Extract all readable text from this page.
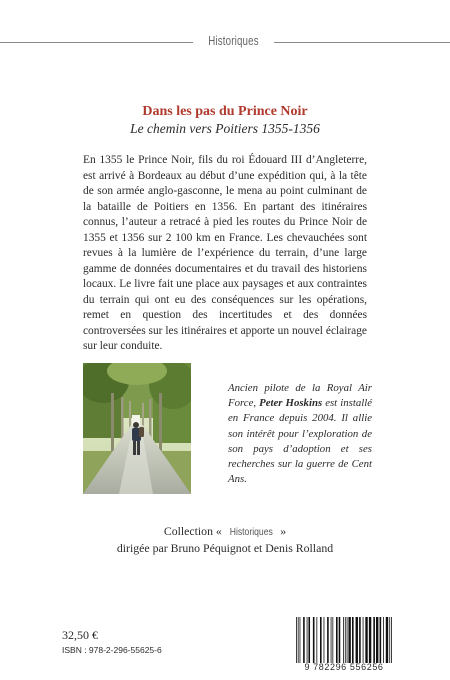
Historiques
Dans les pas du Prince Noir
Le chemin vers Poitiers 1355-1356

En 1355 le Prince Noir, fils du roi Édouard III d’Angleterre, est arrivé à Bordeaux au début d’une expédition qui, à la tête de son armée anglo-gasconne, le mena au point culminant de la bataille de Poitiers en 1356. En partant des itinéraires connus, l’auteur a retracé à pied les routes du Prince Noir de 1355 et 1356 sur 2 100 km en France. Les chevauchées sont revues à la lumière de l’expérience du terrain, d’une large gamme de données documentaires et du travail des historiens locaux. Le livre fait une place aux paysages et aux contraintes du terrain qui ont eu des conséquences sur les opérations, remet en question des incertitudes et des données controversées sur les itinéraires et apporte un nouvel éclairage sur leur conduite.

Ancien pilote de la Royal Air Force, Peter Hoskins est installé en France depuis 2004. Il allie son intérêt pour l’exploration de son pays d’adoption et ses recherches sur la guerre de Cent Ans.

Collection « Historiques »
dirigée par Bruno Péquignot et Denis Rolland
32,50 €
ISBN : 978-2-296-55625-6
9 782296 556256
